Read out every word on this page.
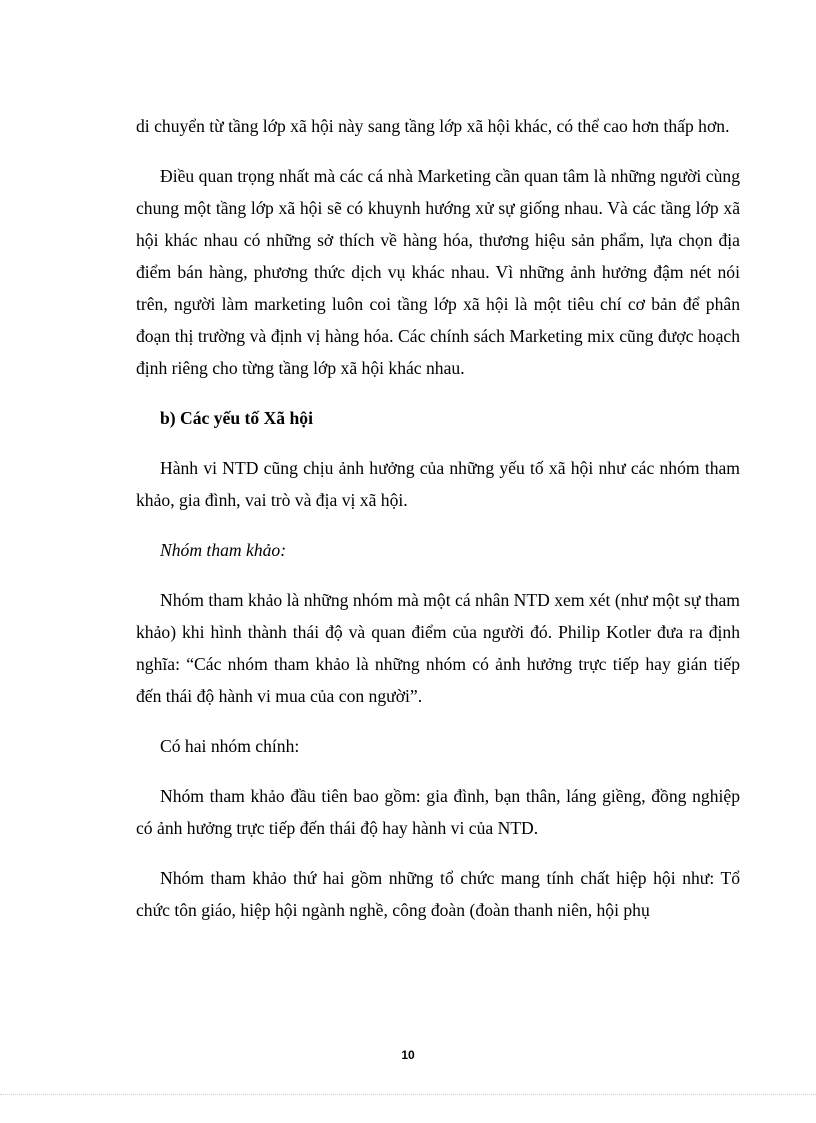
di chuyển từ tầng lớp xã hội này sang tầng lớp xã hội khác, có thể cao hơn thấp hơn.

Điều quan trọng nhất mà các cá nhà Marketing cần quan tâm là những người cùng chung một tầng lớp xã hội sẽ có khuynh hướng xử sự giống nhau. Và các tầng lớp xã hội khác nhau có những sở thích về hàng hóa, thương hiệu sản phẩm, lựa chọn địa điểm bán hàng, phương thức dịch vụ khác nhau. Vì những ảnh hưởng đậm nét nói trên, người làm marketing luôn coi tầng lớp xã hội là một tiêu chí cơ bản để phân đoạn thị trường và định vị hàng hóa. Các chính sách Marketing mix cũng được hoạch định riêng cho từng tầng lớp xã hội khác nhau.

b) Các yếu tố Xã hội

Hành vi NTD cũng chịu ảnh hưởng của những yếu tố xã hội như các nhóm tham khảo, gia đình, vai trò và địa vị xã hội.

Nhóm tham khảo:

Nhóm tham khảo là những nhóm mà một cá nhân NTD xem xét (như một sự tham khảo) khi hình thành thái độ và quan điểm của người đó. Philip Kotler đưa ra định nghĩa: “Các nhóm tham khảo là những nhóm có ảnh hưởng trực tiếp hay gián tiếp đến thái độ hành vi mua của con người”.

Có hai nhóm chính:

Nhóm tham khảo đầu tiên bao gồm: gia đình, bạn thân, láng giềng, đồng nghiệp có ảnh hưởng trực tiếp đến thái độ hay hành vi của NTD.

Nhóm tham khảo thứ hai gồm những tổ chức mang tính chất hiệp hội như: Tổ chức tôn giáo, hiệp hội ngành nghề, công đoàn (đoàn thanh niên, hội phụ

10
